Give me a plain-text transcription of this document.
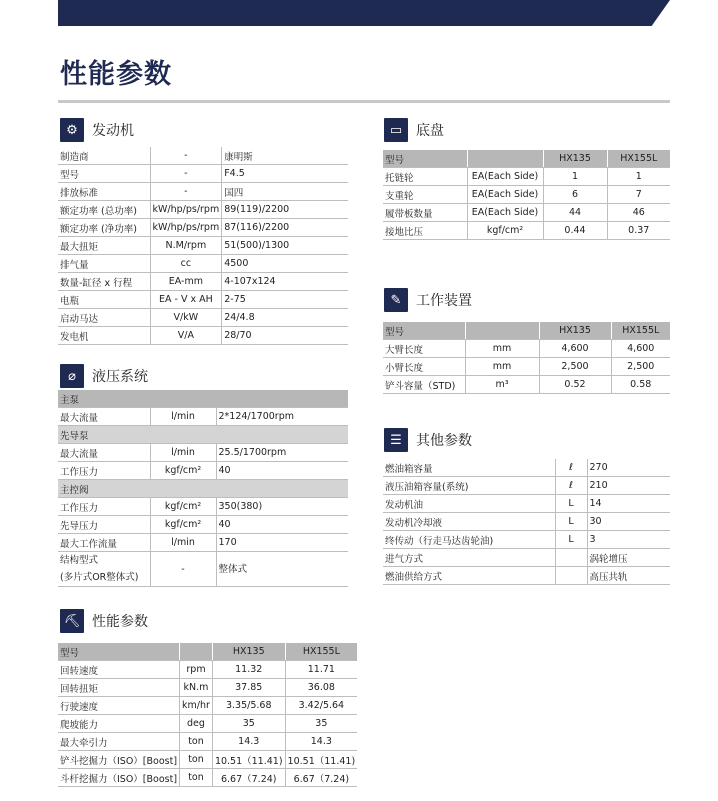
性能参数
⚙	发动机
制造商	-	康明斯
型号	-	F4.5
排放标准	-	国四
额定功率 (总功率)	kW/hp/ps/rpm	89(119)/2200
额定功率 (净功率)	kW/hp/ps/rpm	87(116)/2200
最大扭矩	N.M/rpm	51(500)/1300
排气量	cc	4500
数量-缸径 x 行程	EA-mm	4-107x124
电瓶	EA - V x AH	2-75
启动马达	V/kW	24/4.8
发电机	V/A	28/70
⌀	液压系统
主泵		
最大流量	l/min	2*124/1700rpm
先导泵		
最大流量	l/min	25.5/1700rpm
工作压力	kgf/cm²	40
主控阀		
工作压力	kgf/cm²	350(380)
先导压力	kgf/cm²	40
最大工作流量	l/min	170
结构型式
(多片式OR整体式)	-	整体式
⛏ 性能参数
型号		HX135	HX155L
回转速度	rpm	11.32	11.71
回转扭矩	kN.m	37.85	36.08
行驶速度	km/hr	3.35/5.68	3.42/5.64
爬坡能力	deg	35	35
最大牵引力	ton	14.3	14.3
铲斗挖掘力（ISO）[Boost]	ton	10.51（11.41)	10.51（11.41)
斗杆挖掘力（ISO）[Boost]	ton	6.67（7.24)	6.67（7.24)
▭ 底盘
型号		HX135	HX155L
托链轮	EA(Each Side)	1	1
支重轮	EA(Each Side)	6	7
履带板数量	EA(Each Side)	44	46
接地比压	kgf/cm²	0.44	0.37
✎	工作装置
型号		HX135	HX155L
大臂长度	mm	4,600	4,600
小臂长度	mm	2,500	2,500
铲斗容量（STD)	m³	0.52	0.58
☰	其他参数
燃油箱容量	ℓ	270
液压油箱容量(系统)	ℓ	210
发动机油	L	14
发动机冷却液	L	30
终传动（行走马达齿轮油)	L	3
进气方式		涡轮增压
燃油供给方式		高压共轨
